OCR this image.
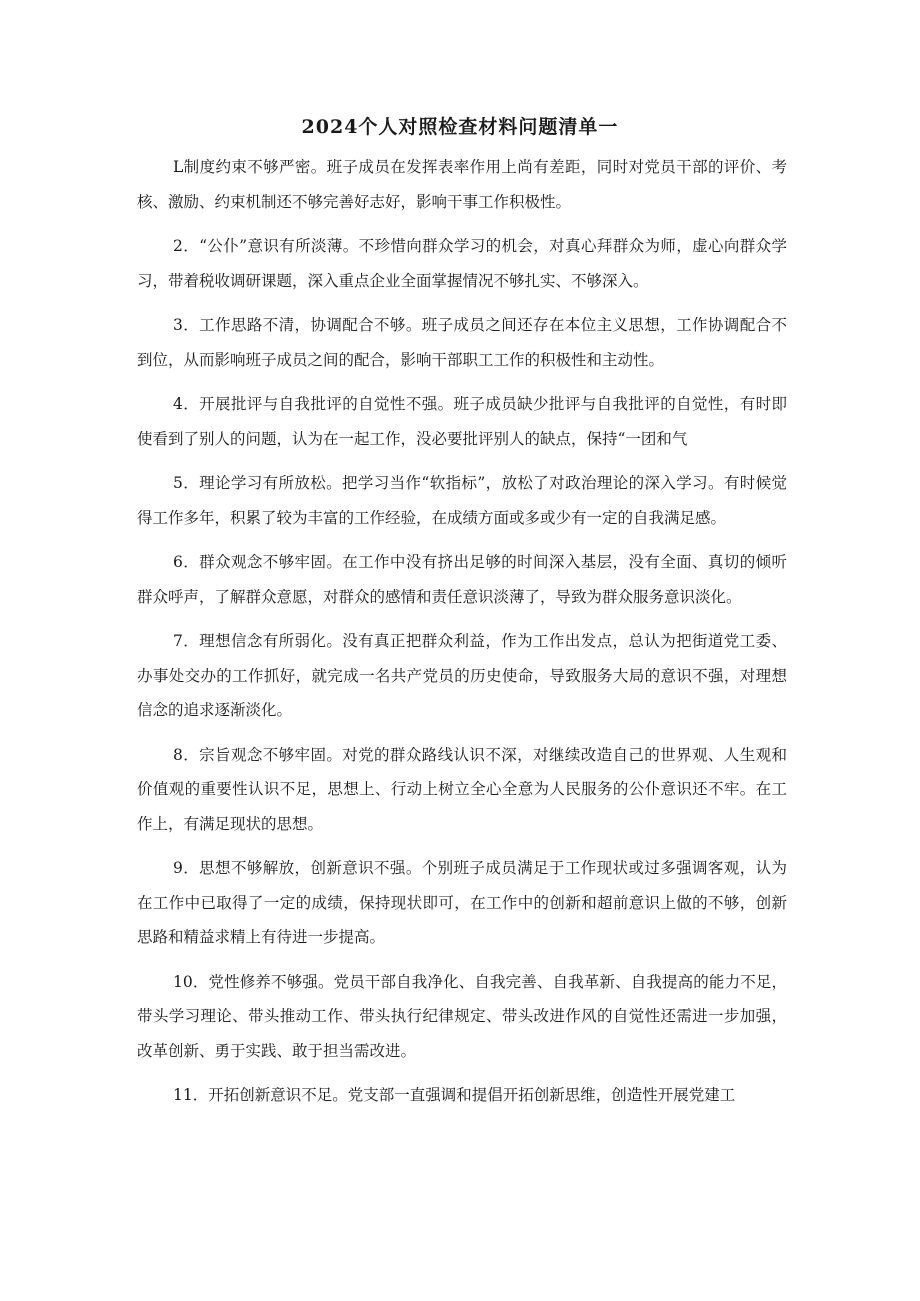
2024个人对照检查材料问题清单一

L制度约束不够严密。班子成员在发挥表率作用上尚有差距，同时对党员干部的评价、考核、激励、约束机制还不够完善好志好，影响干事工作积极性。

2．“公仆”意识有所淡薄。不珍惜向群众学习的机会，对真心拜群众为师，虚心向群众学习，带着税收调研课题，深入重点企业全面掌握情况不够扎实、不够深入。

3．工作思路不清，协调配合不够。班子成员之间还存在本位主义思想，工作协调配合不到位，从而影响班子成员之间的配合，影响干部职工工作的积极性和主动性。

4．开展批评与自我批评的自觉性不强。班子成员缺少批评与自我批评的自觉性，有时即使看到了别人的问题，认为在一起工作，没必要批评别人的缺点，保持“一团和气

5．理论学习有所放松。把学习当作“软指标”，放松了对政治理论的深入学习。有时候觉得工作多年，积累了较为丰富的工作经验，在成绩方面或多或少有一定的自我满足感。

6．群众观念不够牢固。在工作中没有挤出足够的时间深入基层，没有全面、真切的倾听群众呼声，了解群众意愿，对群众的感情和责任意识淡薄了，导致为群众服务意识淡化。

7．理想信念有所弱化。没有真正把群众利益，作为工作出发点，总认为把街道党工委、办事处交办的工作抓好，就完成一名共产党员的历史使命，导致服务大局的意识不强，对理想信念的追求逐渐淡化。

8．宗旨观念不够牢固。对党的群众路线认识不深，对继续改造自己的世界观、人生观和价值观的重要性认识不足，思想上、行动上树立全心全意为人民服务的公仆意识还不牢。在工作上，有满足现状的思想。

9．思想不够解放，创新意识不强。个别班子成员满足于工作现状或过多强调客观，认为在工作中已取得了一定的成绩，保持现状即可，在工作中的创新和超前意识上做的不够，创新思路和精益求精上有待进一步提高。

10．党性修养不够强。党员干部自我净化、自我完善、自我革新、自我提高的能力不足，带头学习理论、带头推动工作、带头执行纪律规定、带头改进作风的自觉性还需进一步加强，改革创新、勇于实践、敢于担当需改进。

11．开拓创新意识不足。党支部一直强调和提倡开拓创新思维，创造性开展党建工
